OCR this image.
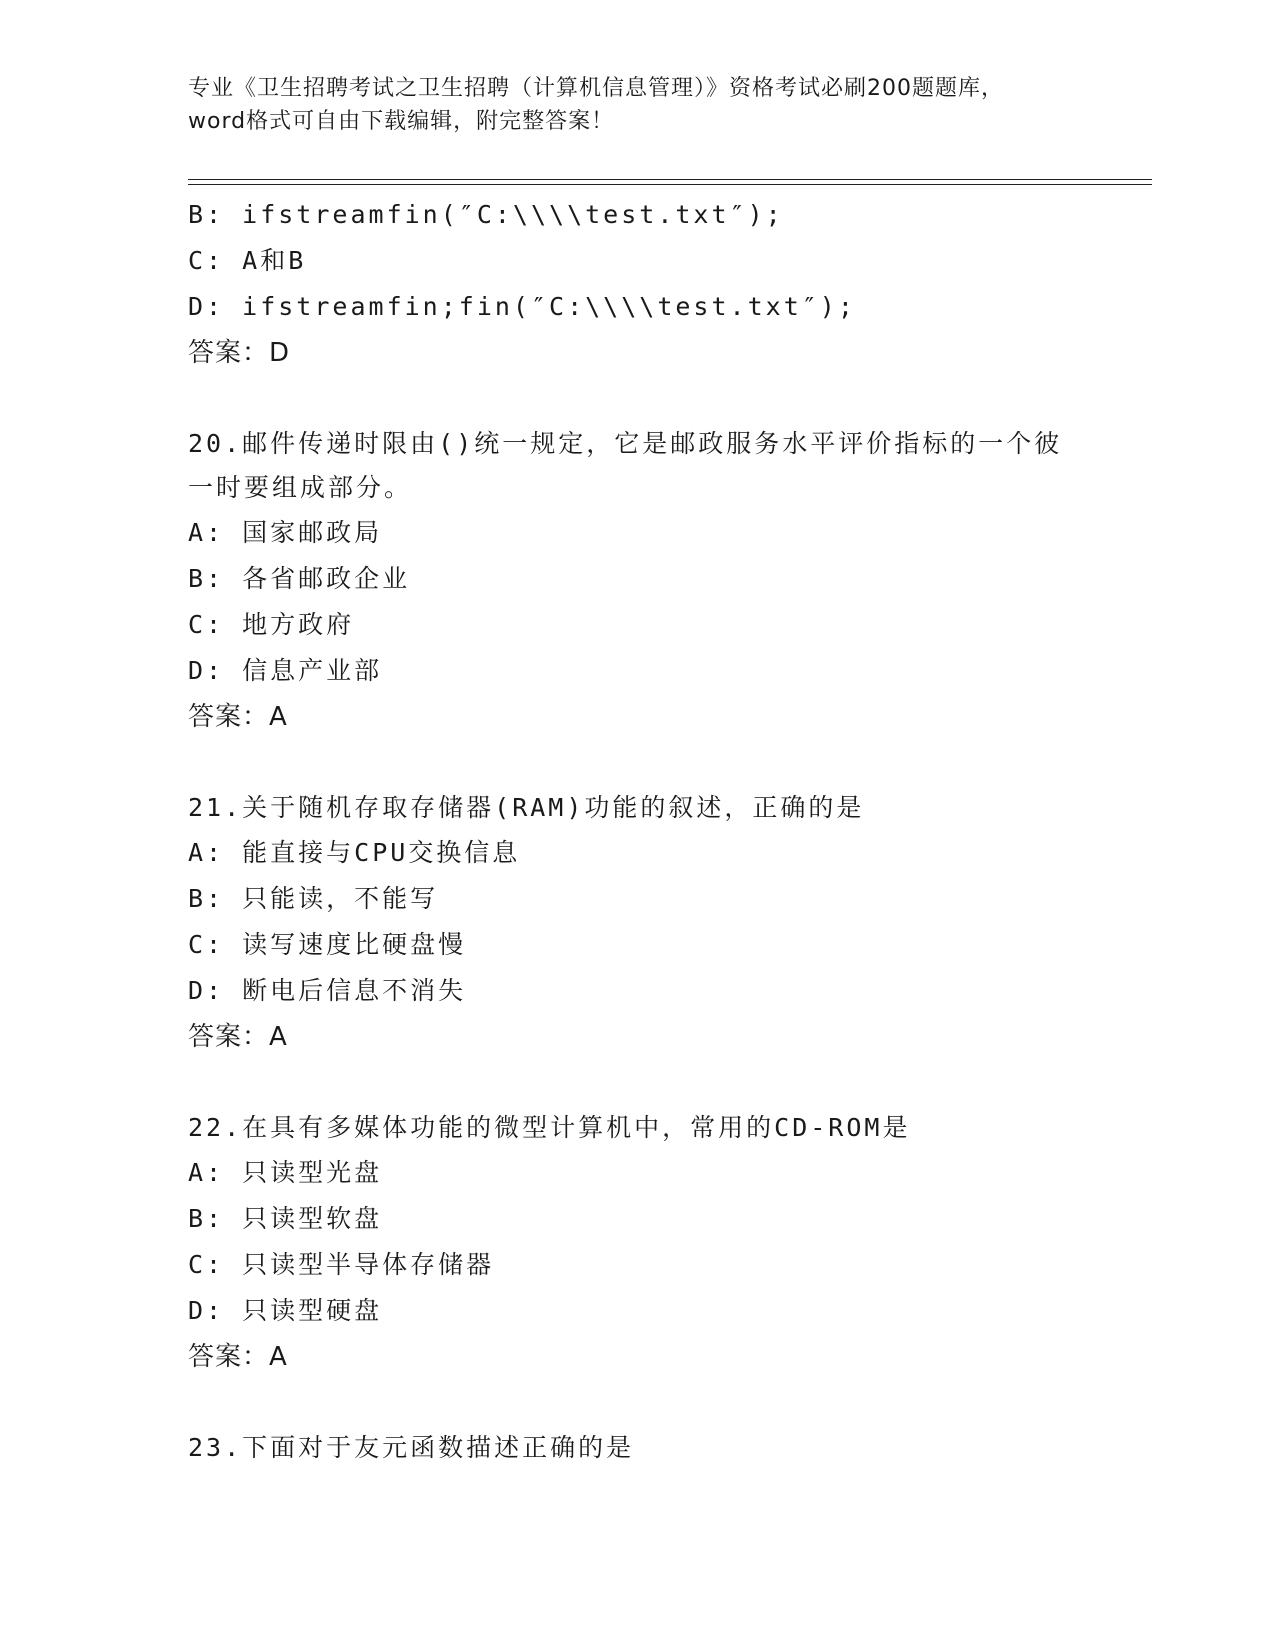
专业《卫生招聘考试之卫生招聘（计算机信息管理）》资格考试必刷200题题库，
word格式可自由下载编辑，附完整答案！
B: ifstreamfin(″C:\\\\test.txt″);
C: A和B
D: ifstreamfin;fin(″C:\\\\test.txt″);
答案：D
20.邮件传递时限由()统一规定，它是邮政服务水平评价指标的一个彼一时要组成部分。
A: 国家邮政局
B: 各省邮政企业
C: 地方政府
D: 信息产业部
答案：A
21.关于随机存取存储器(RAM)功能的叙述，正确的是
A: 能直接与CPU交换信息
B: 只能读，不能写
C: 读写速度比硬盘慢
D: 断电后信息不消失
答案：A
22.在具有多媒体功能的微型计算机中，常用的CD-ROM是
A: 只读型光盘
B: 只读型软盘
C: 只读型半导体存储器
D: 只读型硬盘
答案：A
23.下面对于友元函数描述正确的是
